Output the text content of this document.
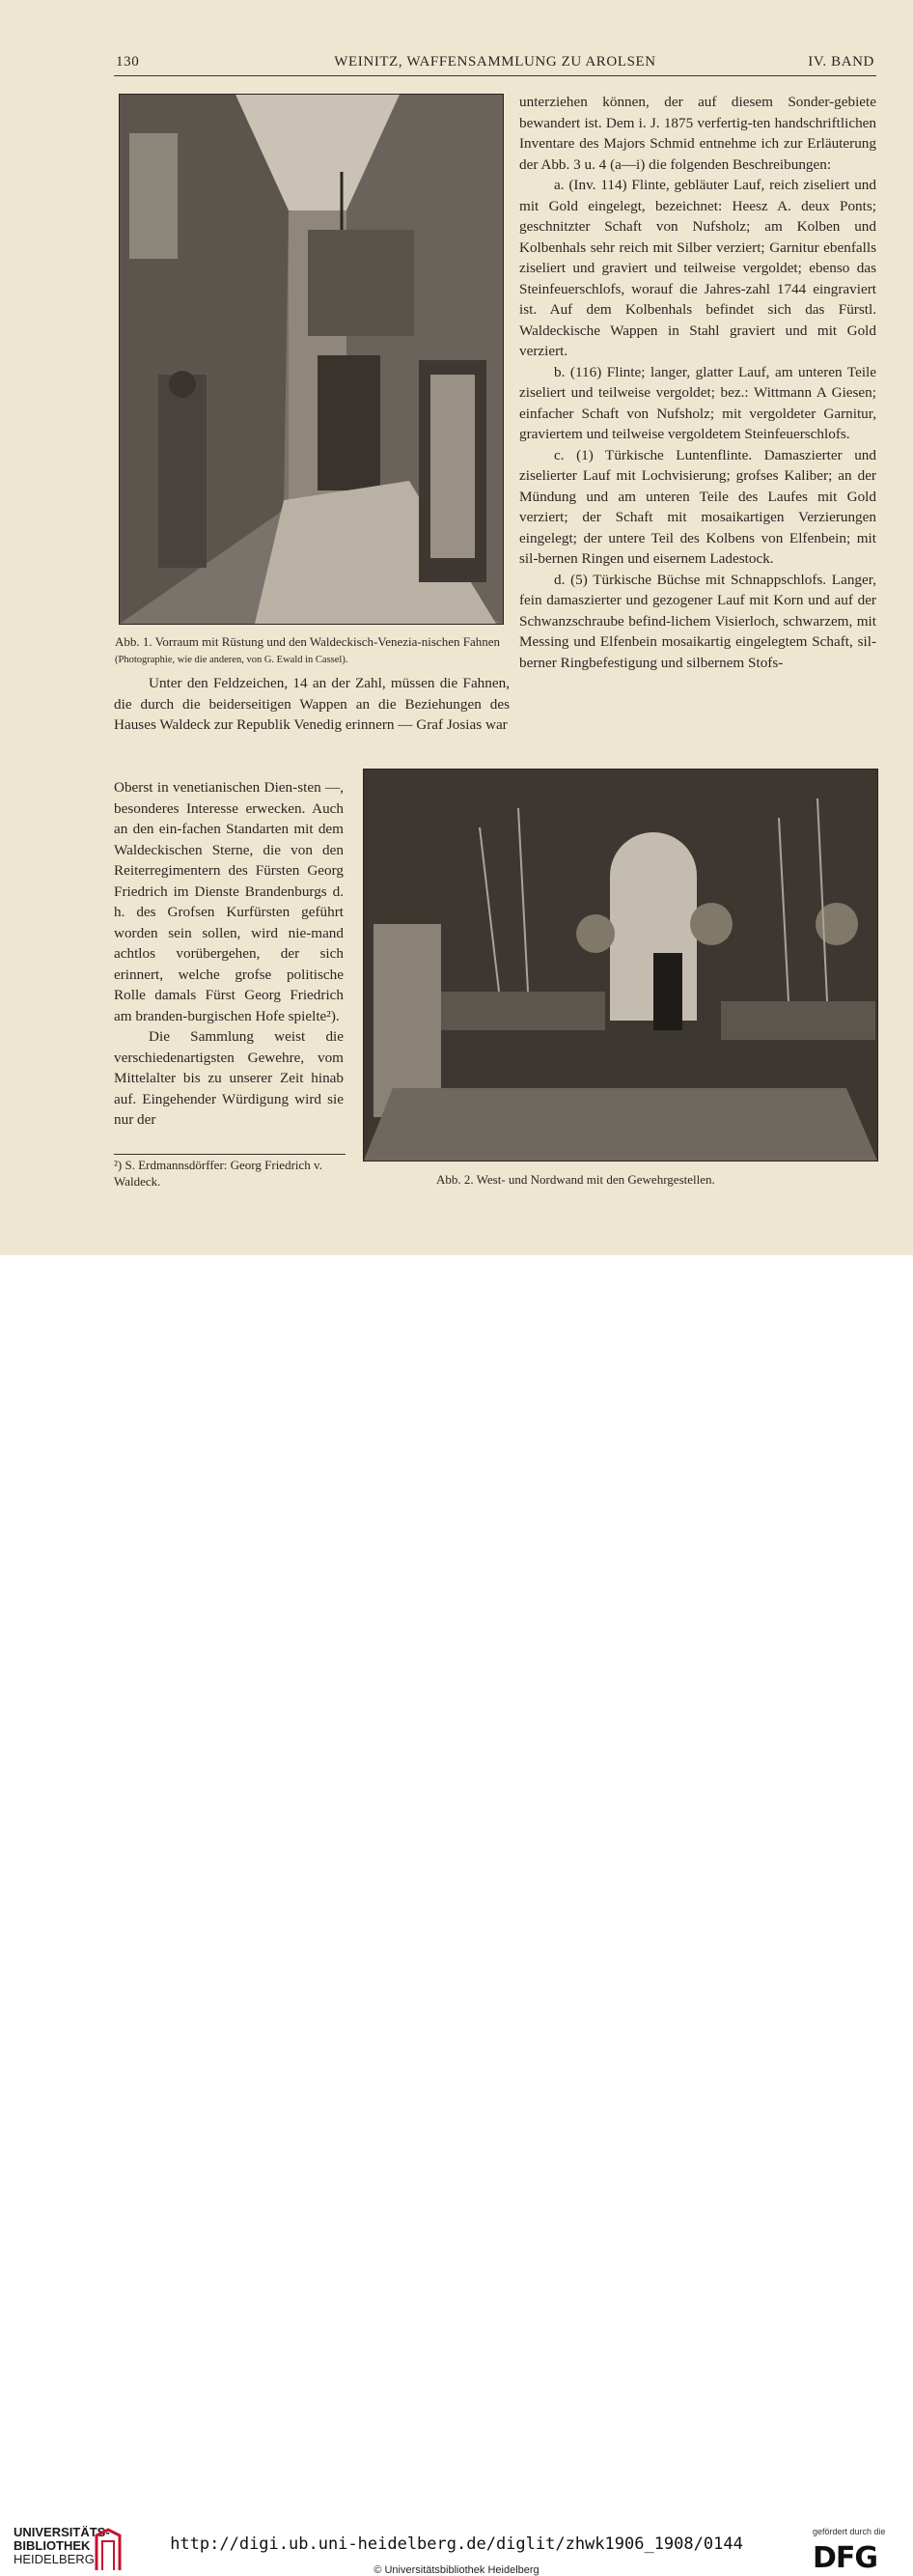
130	WEINITZ, WAFFENSAMMLUNG ZU AROLSEN	IV. BAND
Abb. 1. Vorraum mit Rüstung und den Waldeckisch-Venezia-nischen Fahnen (Photographie, wie die anderen, von G. Ewald in Cassel).

unterziehen können, der auf diesem Sonder-gebiete bewandert ist. Dem i. J. 1875 verfertig-ten handschriftlichen Inventare des Majors Schmid entnehme ich zur Erläuterung der Abb. 3 u. 4 (a—i) die folgenden Beschreibungen:

a. (Inv. 114) Flinte, gebläuter Lauf, reich ziseliert und mit Gold eingelegt, bezeichnet: Heesz A. deux Ponts; geschnitzter Schaft von Nufsholz; am Kolben und Kolbenhals sehr reich mit Silber verziert; Garnitur ebenfalls ziseliert und graviert und teilweise vergoldet; ebenso das Steinfeuerschlofs, worauf die Jahres-zahl 1744 eingraviert ist. Auf dem Kolbenhals befindet sich das Fürstl. Waldeckische Wappen in Stahl graviert und mit Gold verziert.

b. (116) Flinte; langer, glatter Lauf, am unteren Teile ziseliert und teilweise vergoldet; bez.: Wittmann A Giesen; einfacher Schaft von Nufsholz; mit vergoldeter Garnitur, graviertem und teilweise vergoldetem Steinfeuerschlofs.

c. (1) Türkische Luntenflinte. Damaszierter und ziselierter Lauf mit Lochvisierung; grofses Kaliber; an der Mündung und am unteren Teile des Laufes mit Gold verziert; der Schaft mit mosaikartigen Verzierungen eingelegt; der untere Teil des Kolbens von Elfenbein; mit sil-bernen Ringen und eisernem Ladestock.

d. (5) Türkische Büchse mit Schnappschlofs. Langer, fein damaszierter und gezogener Lauf mit Korn und auf der Schwanzschraube befind-lichem Visierloch, schwarzem, mit Messing und Elfenbein mosaikartig eingelegtem Schaft, sil-berner Ringbefestigung und silbernem Stofs-

Unter den Feldzeichen, 14 an der Zahl, müssen die Fahnen, die durch die beiderseitigen Wappen an die Beziehungen des Hauses Waldeck zur Republik Venedig erinnern — Graf Josias war

Oberst in venetianischen Dien-sten —, besonderes Interesse erwecken. Auch an den ein-fachen Standarten mit dem Waldeckischen Sterne, die von den Reiterregimentern des Fürsten Georg Friedrich im Dienste Brandenburgs d. h. des Grofsen Kurfürsten geführt worden sein sollen, wird nie-mand achtlos vorübergehen, der sich erinnert, welche grofse politische Rolle damals Fürst Georg Friedrich am branden-burgischen Hofe spielte²).

Die Sammlung weist die verschiedenartigsten Gewehre, vom Mittelalter bis zu unserer Zeit hinab auf. Eingehender Würdigung wird sie nur der

Abb. 2. West- und Nordwand mit den Gewehrgestellen.
²) S. Erdmannsdörffer: Georg Friedrich v. Waldeck.
UNIVERSITÄTS-
BIBLIOTHEK
HEIDELBERG
http://digi.ub.uni-heidelberg.de/diglit/zhwk1906_1908/0144
© Universitätsbibliothek Heidelberg
gefördert durch die
DFG
